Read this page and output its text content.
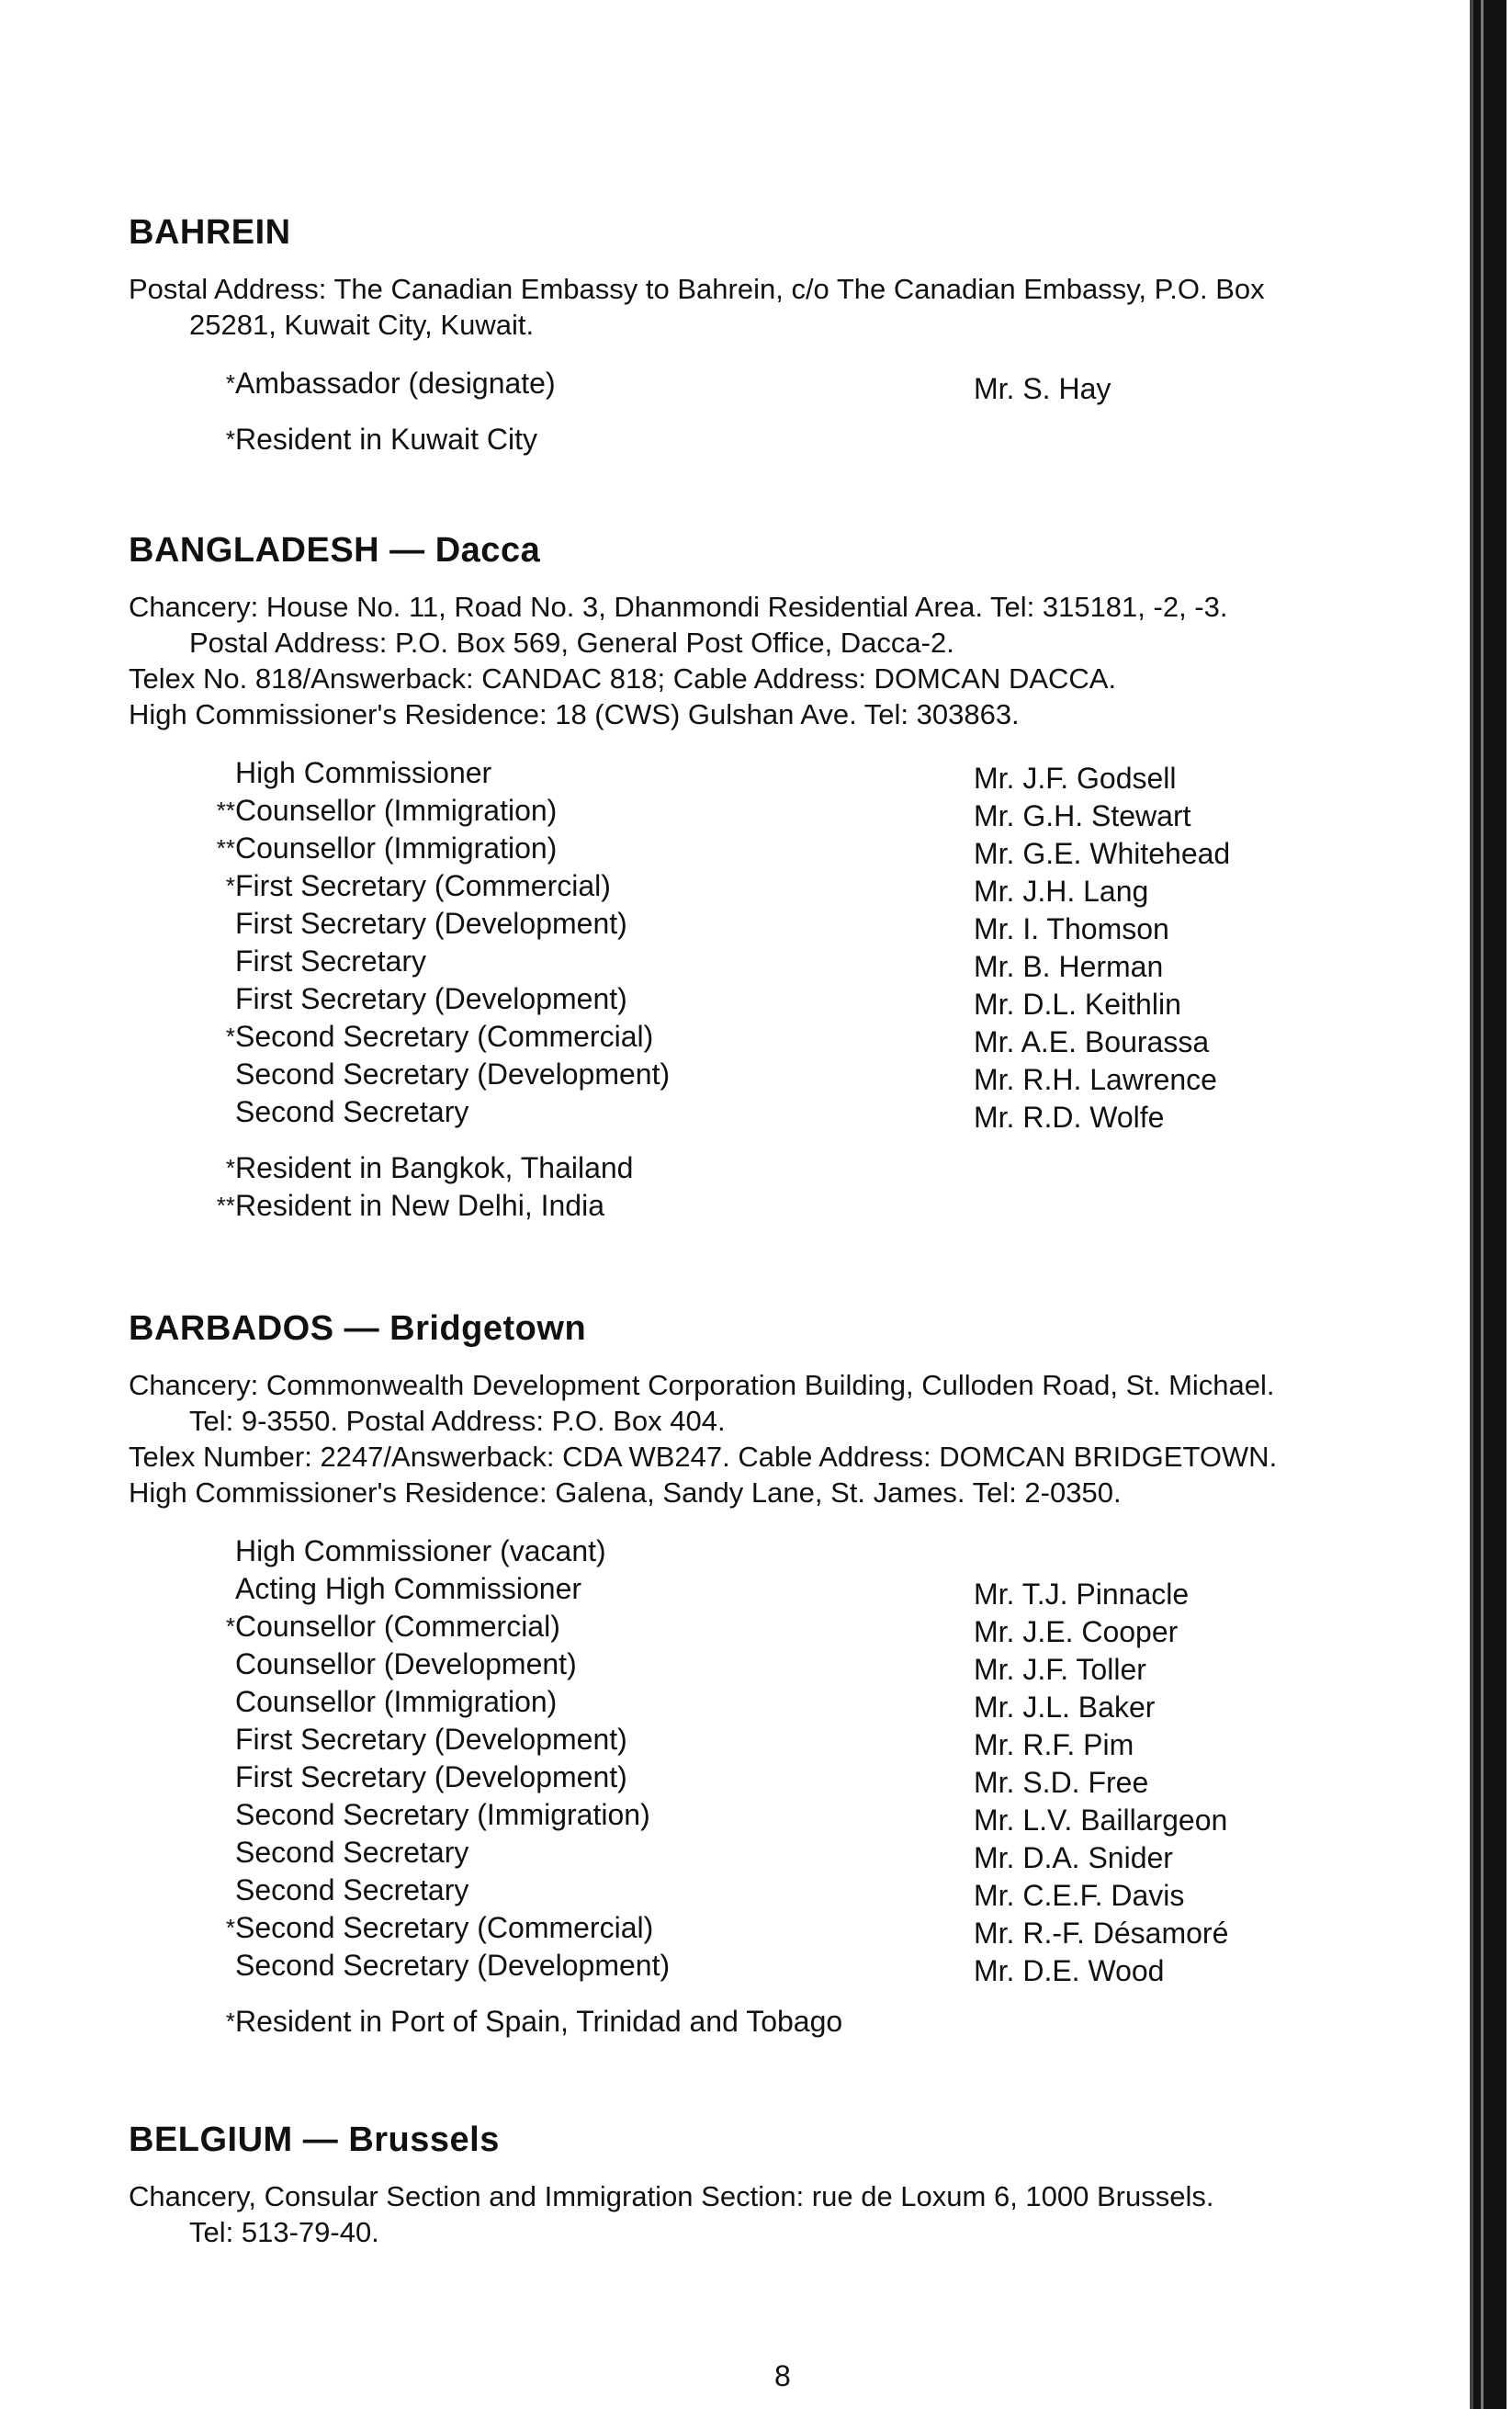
BAHREIN
Postal Address: The Canadian Embassy to Bahrein, c/o The Canadian Embassy, P.O. Box
25281, Kuwait City, Kuwait.
* Ambassador (designate)	Mr. S. Hay
* Resident in Kuwait City
BANGLADESH — Dacca
Chancery: House No. 11, Road No. 3, Dhanmondi Residential Area. Tel: 315181, -2, -3.
Postal Address: P.O. Box 569, General Post Office, Dacca-2.
Telex No. 818/Answerback: CANDAC 818; Cable Address: DOMCAN DACCA.
High Commissioner's Residence: 18 (CWS) Gulshan Ave. Tel: 303863.
High Commissioner	Mr. J.F. Godsell
** Counsellor (Immigration)	Mr. G.H. Stewart
** Counsellor (Immigration)	Mr. G.E. Whitehead
* First Secretary (Commercial)	Mr. J.H. Lang
First Secretary (Development)	Mr. I. Thomson
First Secretary	Mr. B. Herman
First Secretary (Development)	Mr. D.L. Keithlin
* Second Secretary (Commercial)	Mr. A.E. Bourassa
Second Secretary (Development)	Mr. R.H. Lawrence
Second Secretary	Mr. R.D. Wolfe
* Resident in Bangkok, Thailand
** Resident in New Delhi, India
BARBADOS — Bridgetown
Chancery: Commonwealth Development Corporation Building, Culloden Road, St. Michael.
Tel: 9-3550. Postal Address: P.O. Box 404.
Telex Number: 2247/Answerback: CDA WB247. Cable Address: DOMCAN BRIDGETOWN.
High Commissioner's Residence: Galena, Sandy Lane, St. James. Tel: 2-0350.
High Commissioner (vacant)
Acting High Commissioner	Mr. T.J. Pinnacle
* Counsellor (Commercial)	Mr. J.E. Cooper
Counsellor (Development)	Mr. J.F. Toller
Counsellor (Immigration)	Mr. J.L. Baker
First Secretary (Development)	Mr. R.F. Pim
First Secretary (Development)	Mr. S.D. Free
Second Secretary (Immigration)	Mr. L.V. Baillargeon
Second Secretary	Mr. D.A. Snider
Second Secretary	Mr. C.E.F. Davis
* Second Secretary (Commercial)	Mr. R.-F. Désamoré
Second Secretary (Development)	Mr. D.E. Wood
* Resident in Port of Spain, Trinidad and Tobago
BELGIUM — Brussels
Chancery, Consular Section and Immigration Section: rue de Loxum 6, 1000 Brussels.
Tel: 513-79-40.
8
